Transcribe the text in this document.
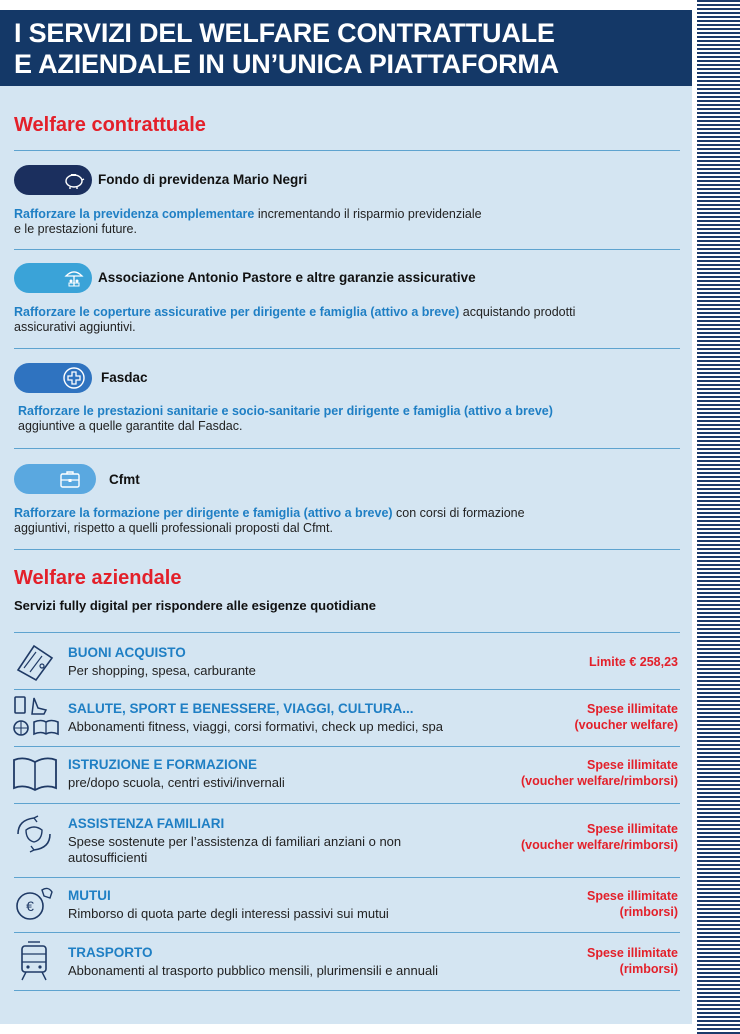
I SERVIZI DEL WELFARE CONTRATTUALE
E AZIENDALE IN UN’UNICA PIATTAFORMA
Welfare contrattuale
Fondo di previdenza Mario Negri
Rafforzare la previdenza complementare incrementando il risparmio previdenziale
e le prestazioni future.
Associazione Antonio Pastore e altre garanzie assicurative
Rafforzare le coperture assicurative per dirigente e famiglia (attivo a breve) acquistando prodotti
assicurativi aggiuntivi.
Fasdac
Rafforzare le prestazioni sanitarie e socio-sanitarie per dirigente e famiglia (attivo a breve)
aggiuntive a quelle garantite dal Fasdac.
Cfmt
Rafforzare la formazione per dirigente e famiglia (attivo a breve) con corsi di formazione
aggiuntivi, rispetto a quelli professionali proposti dal Cfmt.
Welfare aziendale
Servizi fully digital per rispondere alle esigenze quotidiane
BUONI ACQUISTO
Per shopping, spesa, carburante
Limite € 258,23
SALUTE, SPORT E BENESSERE, VIAGGI, CULTURA...
Abbonamenti fitness, viaggi, corsi formativi, check up medici, spa
Spese illimitate
(voucher welfare)
ISTRUZIONE E FORMAZIONE
pre/dopo scuola, centri estivi/invernali
Spese illimitate
(voucher welfare/rimborsi)
ASSISTENZA FAMILIARI
Spese sostenute per l’assistenza di familiari anziani o non autosufficienti
Spese illimitate
(voucher welfare/rimborsi)
€
MUTUI
Rimborso di quota parte degli interessi passivi sui mutui
Spese illimitate
(rimborsi)
TRASPORTO
Abbonamenti al trasporto pubblico mensili, plurimensili e annuali
Spese illimitate
(rimborsi)
